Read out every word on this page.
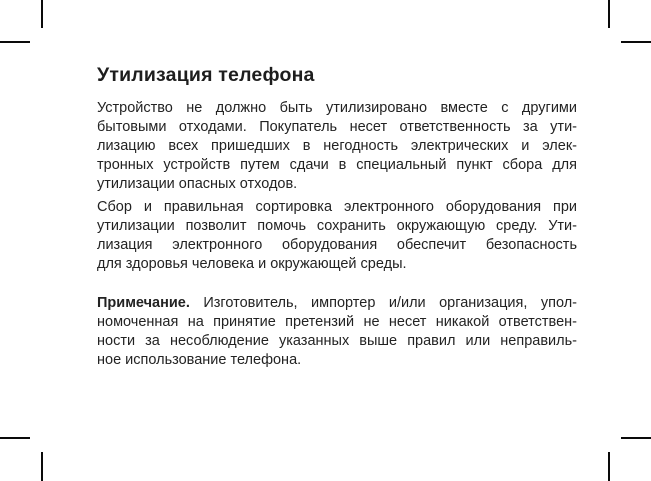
Утилизация телефона
Устройство не должно быть утилизировано вместе с другими
бытовыми отходами. Покупатель несет ответственность за ути-
лизацию всех пришедших в негодность электрических и элек-
тронных устройств путем сдачи в специальный пункт сбора для
утилизации опасных отходов.
Сбор и правильная сортировка электронного оборудования при
утилизации позволит помочь сохранить окружающую среду. Ути-
лизация электронного оборудования обеспечит безопасность
для здоровья человека и окружающей среды.
Примечание. Изготовитель, импортер и/или организация, упол-
номоченная на принятие претензий не несет никакой ответствен-
ности за несоблюдение указанных выше правил или неправиль-
ное использование телефона.
